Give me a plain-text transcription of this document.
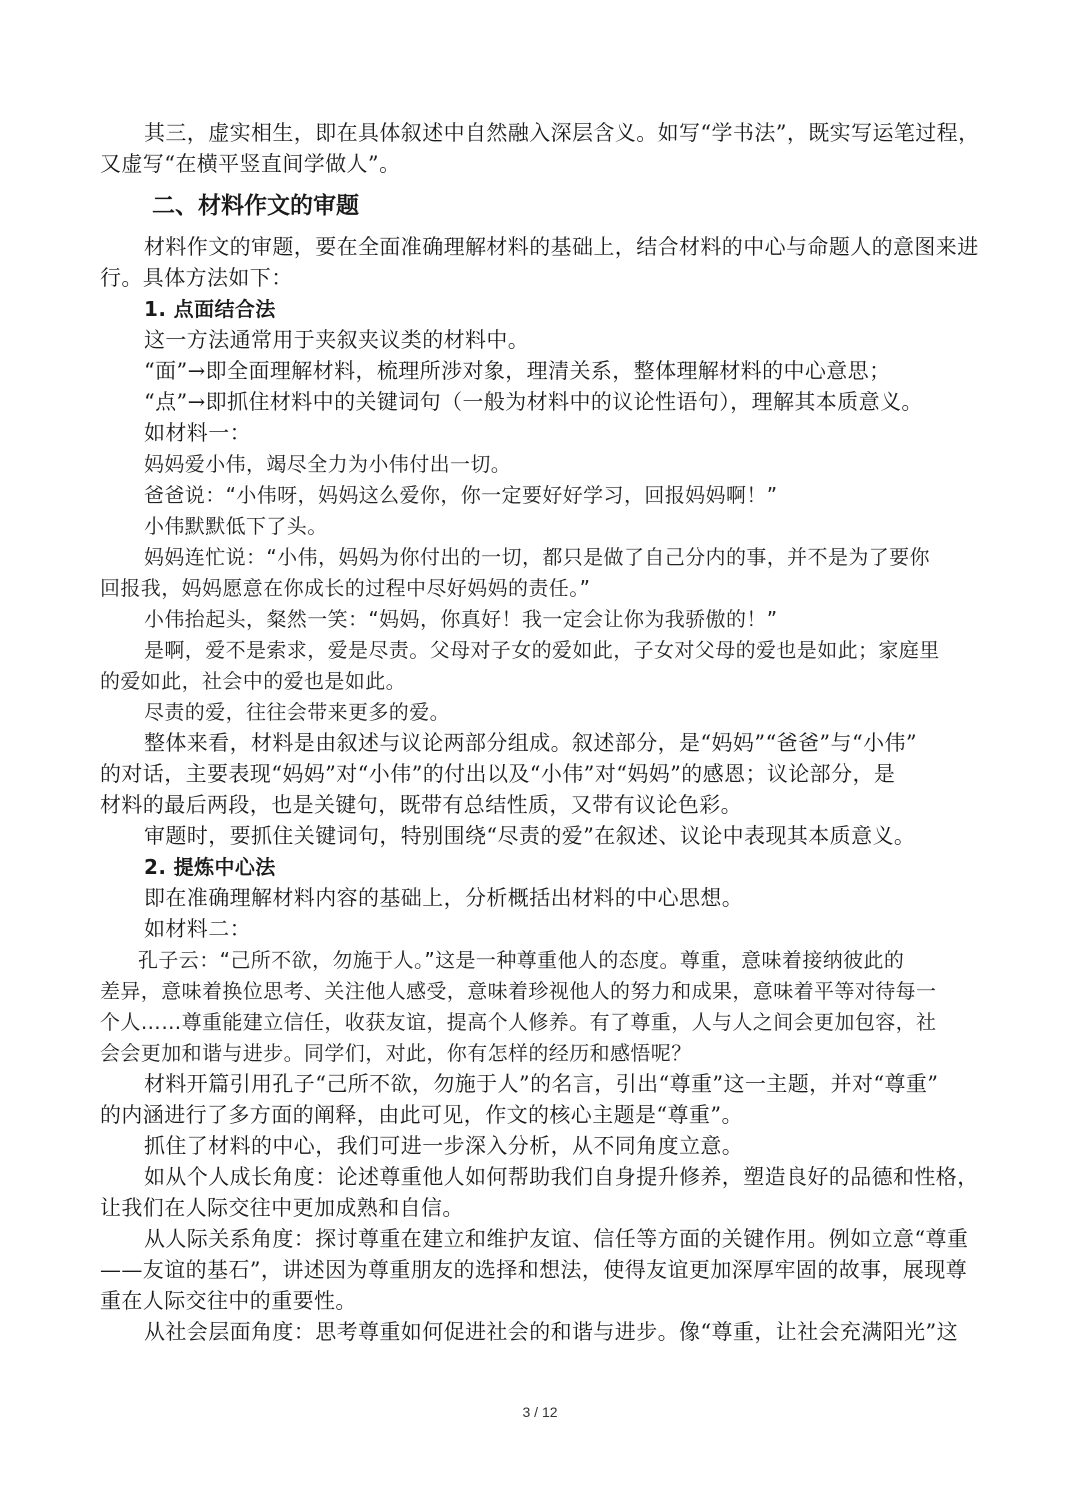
其三，虚实相生，即在具体叙述中自然融入深层含义。如写“学书法”，既实写运笔过程，
又虚写“在横平竖直间学做人”。
二、材料作文的审题
材料作文的审题，要在全面准确理解材料的基础上，结合材料的中心与命题人的意图来进
行。具体方法如下：
1. 点面结合法
这一方法通常用于夹叙夹议类的材料中。
“面”→即全面理解材料，梳理所涉对象，理清关系，整体理解材料的中心意思；
“点”→即抓住材料中的关键词句（一般为材料中的议论性语句），理解其本质意义。
如材料一：
妈妈爱小伟，竭尽全力为小伟付出一切。
爸爸说：“小伟呀，妈妈这么爱你，你一定要好好学习，回报妈妈啊！”
小伟默默低下了头。
妈妈连忙说：“小伟，妈妈为你付出的一切，都只是做了自己分内的事，并不是为了要你
回报我，妈妈愿意在你成长的过程中尽好妈妈的责任。”
小伟抬起头，粲然一笑：“妈妈，你真好！我一定会让你为我骄傲的！”
是啊，爱不是索求，爱是尽责。父母对子女的爱如此，子女对父母的爱也是如此；家庭里
的爱如此，社会中的爱也是如此。
尽责的爱，往往会带来更多的爱。
整体来看，材料是由叙述与议论两部分组成。叙述部分，是“妈妈”“爸爸”与“小伟”
的对话，主要表现“妈妈”对“小伟”的付出以及“小伟”对“妈妈”的感恩；议论部分，是
材料的最后两段，也是关键句，既带有总结性质，又带有议论色彩。
审题时，要抓住关键词句，特别围绕“尽责的爱”在叙述、议论中表现其本质意义。
2. 提炼中心法
即在准确理解材料内容的基础上，分析概括出材料的中心思想。
如材料二：
孔子云：“己所不欲，勿施于人。”这是一种尊重他人的态度。尊重，意味着接纳彼此的
差异，意味着换位思考、关注他人感受，意味着珍视他人的努力和成果，意味着平等对待每一
个人……尊重能建立信任，收获友谊，提高个人修养。有了尊重，人与人之间会更加包容，社
会会更加和谐与进步。同学们，对此，你有怎样的经历和感悟呢？
材料开篇引用孔子“己所不欲，勿施于人”的名言，引出“尊重”这一主题，并对“尊重”
的内涵进行了多方面的阐释，由此可见，作文的核心主题是“尊重”。
抓住了材料的中心，我们可进一步深入分析，从不同角度立意。
如从个人成长角度：论述尊重他人如何帮助我们自身提升修养，塑造良好的品德和性格，
让我们在人际交往中更加成熟和自信。
从人际关系角度：探讨尊重在建立和维护友谊、信任等方面的关键作用。例如立意“尊重
——友谊的基石”，讲述因为尊重朋友的选择和想法，使得友谊更加深厚牢固的故事，展现尊
重在人际交往中的重要性。
从社会层面角度：思考尊重如何促进社会的和谐与进步。像“尊重，让社会充满阳光”这
3 / 12
